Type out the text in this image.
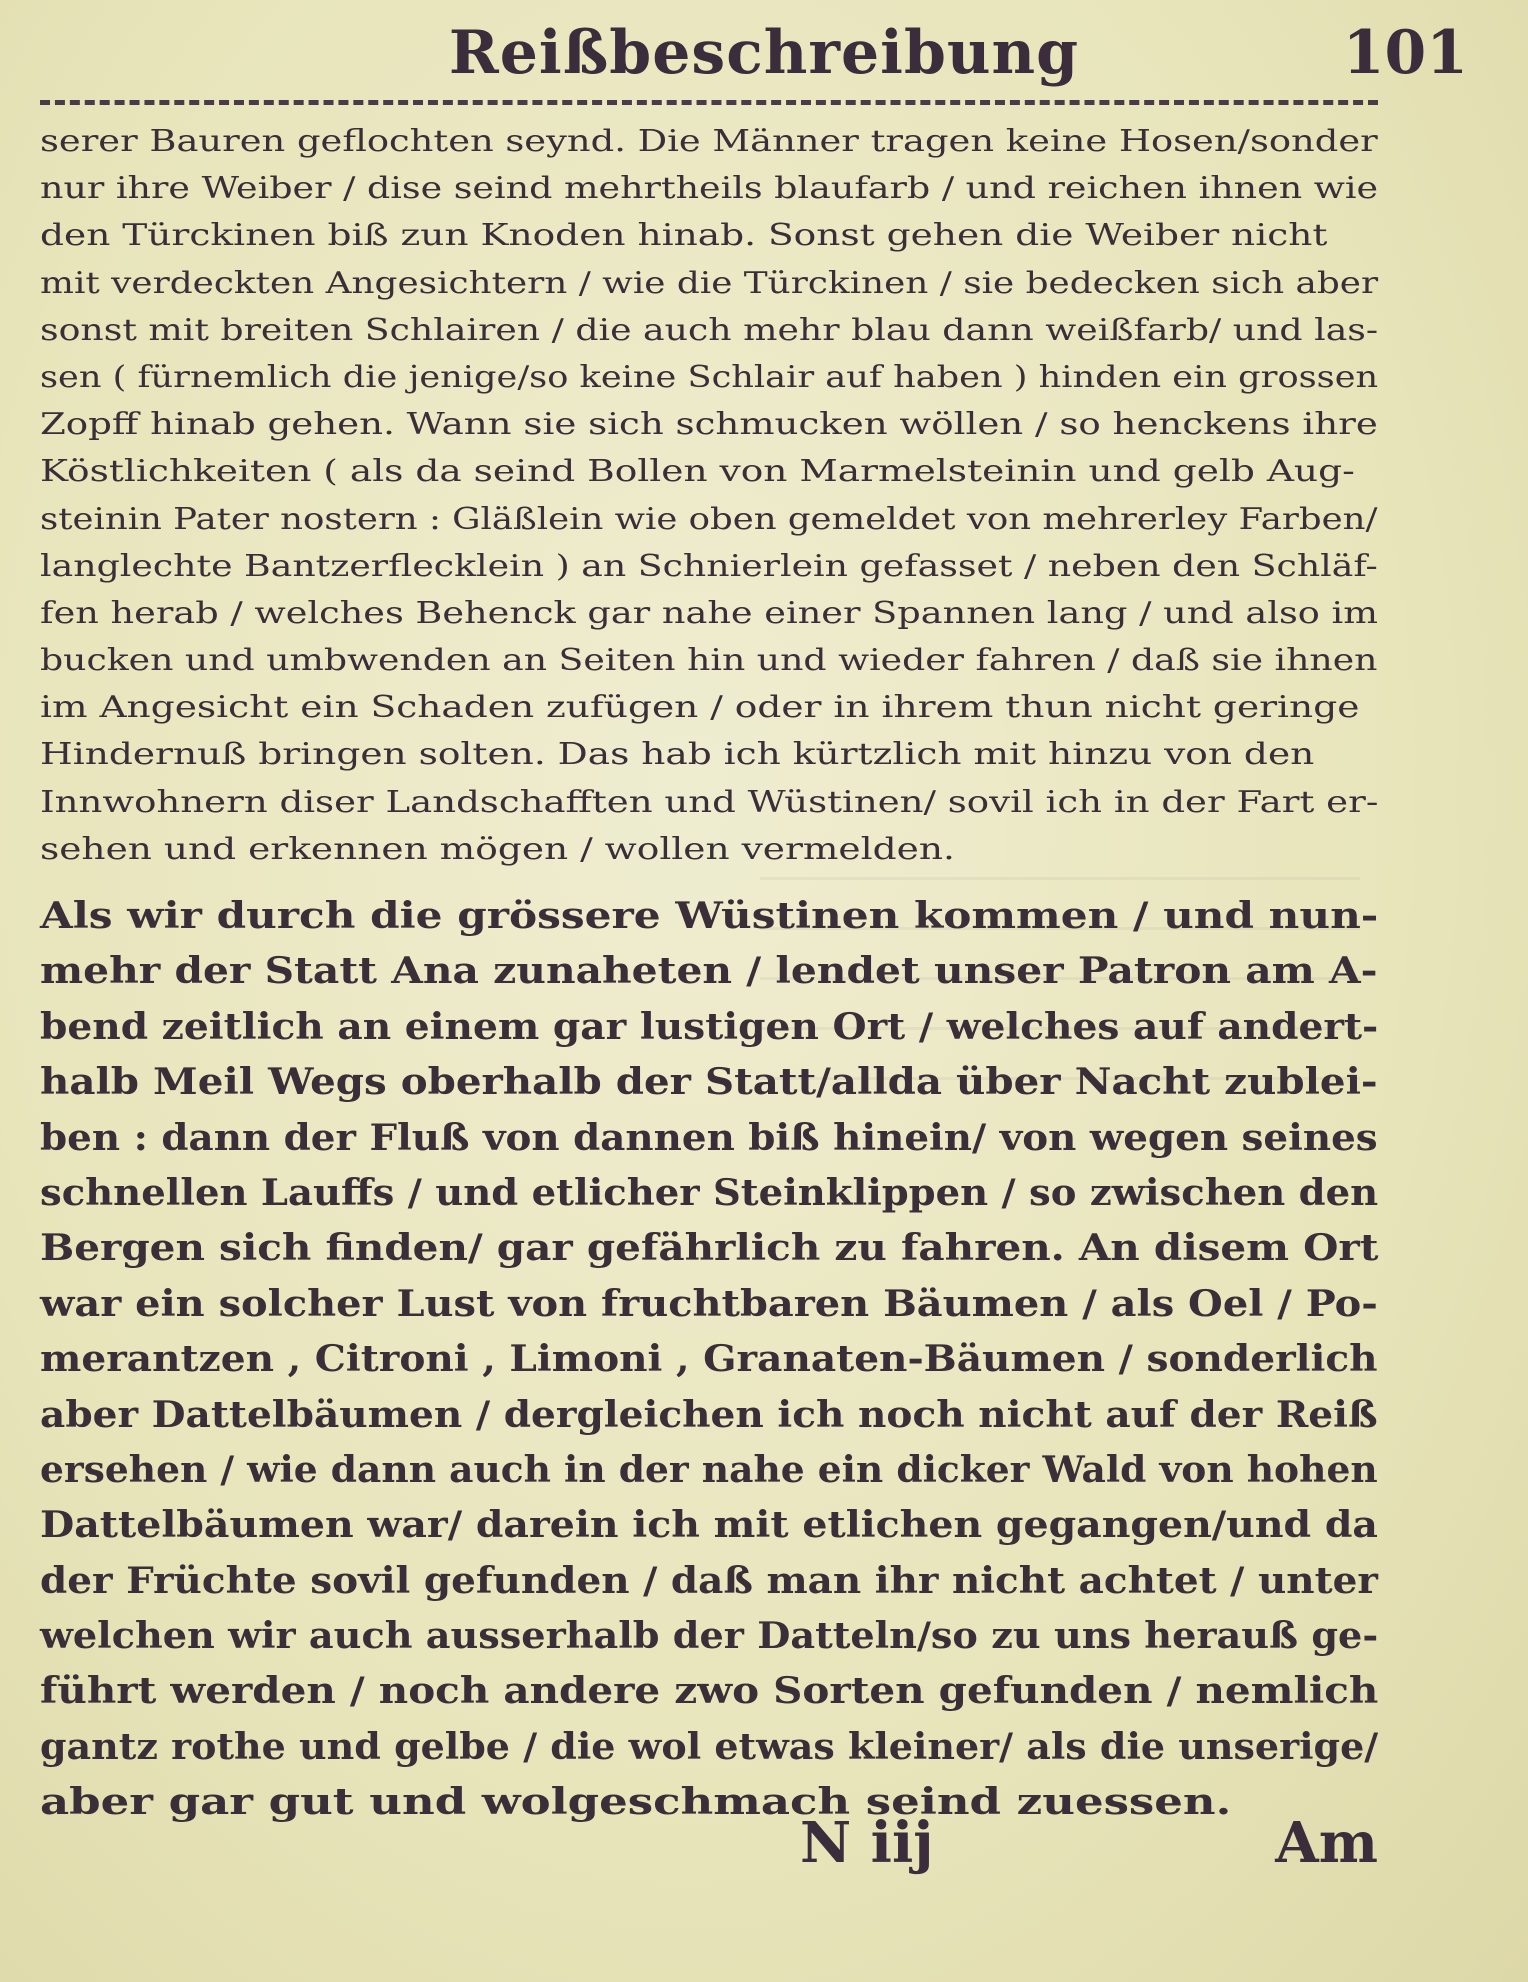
Reißbeschreibung	101
serer Bauren geflochten seynd. Die Männer tragen keine Hosen/sonder
nur ihre Weiber / dise seind mehrtheils blaufarb / und reichen ihnen wie
den Türckinen biß zun Knoden hinab. Sonst gehen die Weiber nicht
mit verdeckten Angesichtern / wie die Türckinen / sie bedecken sich aber
sonst mit breiten Schlairen / die auch mehr blau dann weißfarb/ und las-
sen ( fürnemlich die jenige/so keine Schlair auf haben ) hinden ein grossen
Zopff hinab gehen. Wann sie sich schmucken wöllen / so henckens ihre
Köstlichkeiten ( als da seind Bollen von Marmelsteinin und gelb Aug-
steinin Pater nostern : Gläßlein wie oben gemeldet von mehrerley Farben/
langlechte Bantzerflecklein ) an Schnierlein gefasset / neben den Schläf-
fen herab / welches Behenck gar nahe einer Spannen lang / und also im
bucken und umbwenden an Seiten hin und wieder fahren / daß sie ihnen
im Angesicht ein Schaden zufügen / oder in ihrem thun nicht geringe
Hindernuß bringen solten. Das hab ich kürtzlich mit hinzu von den
Innwohnern diser Landschafften und Wüstinen/ sovil ich in der Fart er-
sehen und erkennen mögen / wollen vermelden.
Als wir durch die grössere Wüstinen kommen / und nun-
mehr der Statt Ana zunaheten / lendet unser Patron am A-
bend zeitlich an einem gar lustigen Ort / welches auf andert-
halb Meil Wegs oberhalb der Statt/allda über Nacht zublei-
ben : dann der Fluß von dannen biß hinein/ von wegen seines
schnellen Lauffs / und etlicher Steinklippen / so zwischen den
Bergen sich finden/ gar gefährlich zu fahren. An disem Ort
war ein solcher Lust von fruchtbaren Bäumen / als Oel / Po-
merantzen , Citroni , Limoni , Granaten-Bäumen / sonderlich
aber Dattelbäumen / dergleichen ich noch nicht auf der Reiß
ersehen / wie dann auch in der nahe ein dicker Wald von hohen
Dattelbäumen war/ darein ich mit etlichen gegangen/und da
der Früchte sovil gefunden / daß man ihr nicht achtet / unter
welchen wir auch ausserhalb der Datteln/so zu uns herauß ge-
führt werden / noch andere zwo Sorten gefunden / nemlich
gantz rothe und gelbe / die wol etwas kleiner/ als die unserige/
aber gar gut und wolgeschmach seind zuessen.
N iij	Am
